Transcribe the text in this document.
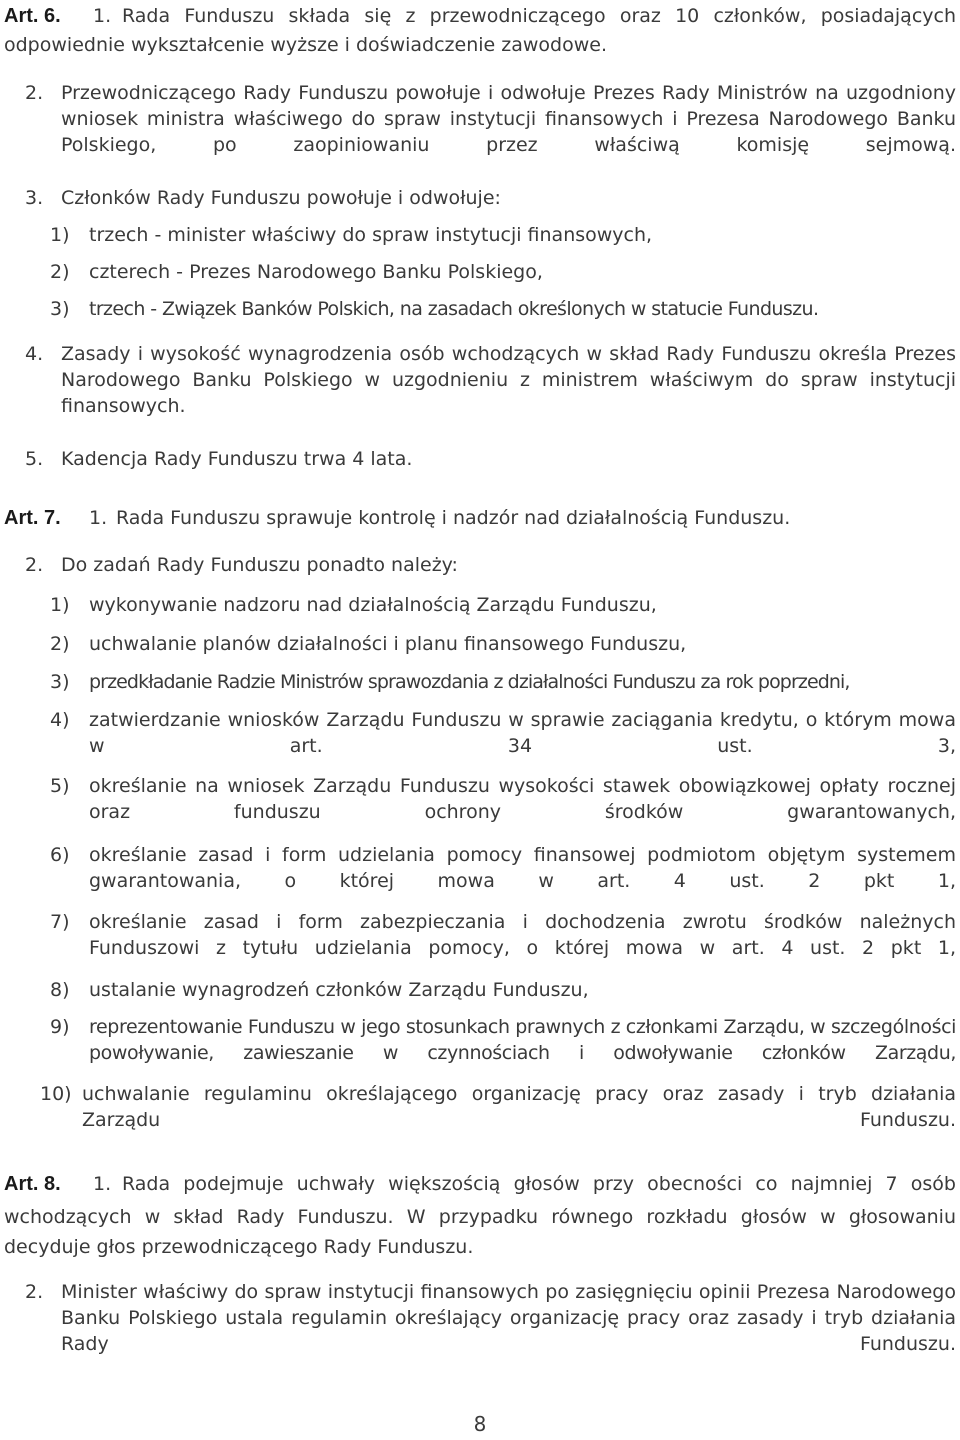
Art. 6. 1. Rada Funduszu składa się z przewodniczącego oraz 10 członków, posiadających
odpowiednie wykształcenie wyższe i doświadczenie zawodowe.
2. Przewodniczącego Rady Funduszu powołuje i odwołuje Prezes Rady Ministrów na uzgodniony wniosek ministra właściwego do spraw instytucji finansowych i Prezesa Narodowego Banku Polskiego, po zaopiniowaniu przez właściwą komisję sejmową.
3. Członków Rady Funduszu powołuje i odwołuje:
1) trzech - minister właściwy do spraw instytucji finansowych,
2) czterech - Prezes Narodowego Banku Polskiego,
3) trzech - Związek Banków Polskich, na zasadach określonych w statucie Funduszu.
4. Zasady i wysokość wynagrodzenia osób wchodzących w skład Rady Funduszu określa Prezes Narodowego Banku Polskiego w uzgodnieniu z ministrem właściwym do spraw instytucji finansowych.
5. Kadencja Rady Funduszu trwa 4 lata.
Art. 7. 1. Rada Funduszu sprawuje kontrolę i nadzór nad działalnością Funduszu.
2. Do zadań Rady Funduszu ponadto należy:
1) wykonywanie nadzoru nad działalnością Zarządu Funduszu,
2) uchwalanie planów działalności i planu finansowego Funduszu,
3) przedkładanie Radzie Ministrów sprawozdania z działalności Funduszu za rok poprzedni,
4) zatwierdzanie wniosków Zarządu Funduszu w sprawie zaciągania kredytu, o którym mowa w art. 34 ust. 3,
5) określanie na wniosek Zarządu Funduszu wysokości stawek obowiązkowej opłaty rocznej oraz funduszu ochrony środków gwarantowanych,
6) określanie zasad i form udzielania pomocy finansowej podmiotom objętym systemem gwarantowania, o której mowa w art. 4 ust. 2 pkt 1,
7) określanie zasad i form zabezpieczania i dochodzenia zwrotu środków należnych Funduszowi z tytułu udzielania pomocy, o której mowa w art. 4 ust. 2 pkt 1,
8) ustalanie wynagrodzeń członków Zarządu Funduszu,
9) reprezentowanie Funduszu w jego stosunkach prawnych z członkami Zarządu, w szczególności powoływanie, zawieszanie w czynnościach i odwoływanie członków Zarządu,
10) uchwalanie regulaminu określającego organizację pracy oraz zasady i tryb działania Zarządu Funduszu.
Art. 8. 1. Rada podejmuje uchwały większością głosów przy obecności co najmniej 7 osób
wchodzących w skład Rady Funduszu. W przypadku równego rozkładu głosów w głosowaniu
decyduje głos przewodniczącego Rady Funduszu.
2. Minister właściwy do spraw instytucji finansowych po zasięgnięciu opinii Prezesa Narodowego Banku Polskiego ustala regulamin określający organizację pracy oraz zasady i tryb działania Rady Funduszu.
8
